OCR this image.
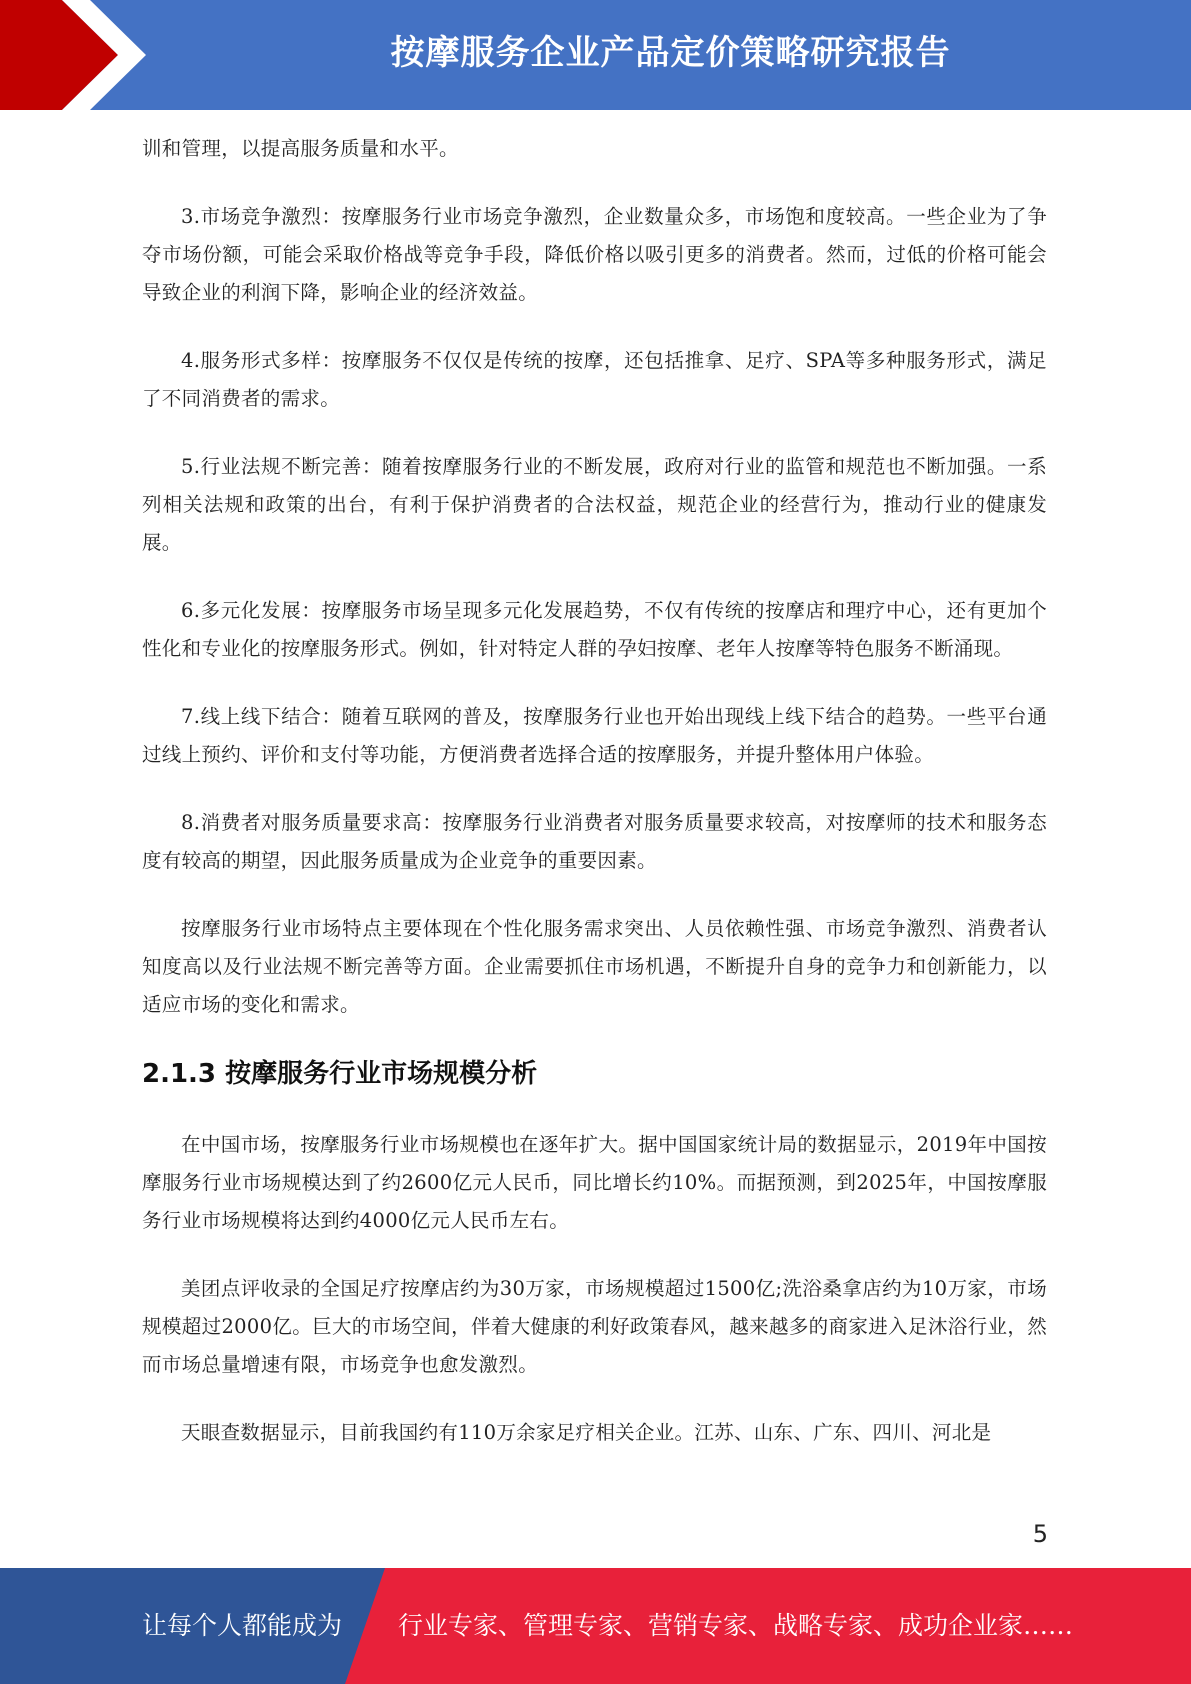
按摩服务企业产品定价策略研究报告

训和管理，以提高服务质量和水平。

3.市场竞争激烈：按摩服务行业市场竞争激烈，企业数量众多，市场饱和度较高。一些企业为了争夺市场份额，可能会采取价格战等竞争手段，降低价格以吸引更多的消费者。然而，过低的价格可能会导致企业的利润下降，影响企业的经济效益。

4.服务形式多样：按摩服务不仅仅是传统的按摩，还包括推拿、足疗、SPA等多种服务形式，满足了不同消费者的需求。

5.行业法规不断完善：随着按摩服务行业的不断发展，政府对行业的监管和规范也不断加强。一系列相关法规和政策的出台，有利于保护消费者的合法权益，规范企业的经营行为，推动行业的健康发展。

6.多元化发展：按摩服务市场呈现多元化发展趋势，不仅有传统的按摩店和理疗中心，还有更加个性化和专业化的按摩服务形式。例如，针对特定人群的孕妇按摩、老年人按摩等特色服务不断涌现。

7.线上线下结合：随着互联网的普及，按摩服务行业也开始出现线上线下结合的趋势。一些平台通过线上预约、评价和支付等功能，方便消费者选择合适的按摩服务，并提升整体用户体验。

8.消费者对服务质量要求高：按摩服务行业消费者对服务质量要求较高，对按摩师的技术和服务态度有较高的期望，因此服务质量成为企业竞争的重要因素。

按摩服务行业市场特点主要体现在个性化服务需求突出、人员依赖性强、市场竞争激烈、消费者认知度高以及行业法规不断完善等方面。企业需要抓住市场机遇，不断提升自身的竞争力和创新能力，以适应市场的变化和需求。

2.1.3 按摩服务行业市场规模分析

在中国市场，按摩服务行业市场规模也在逐年扩大。据中国国家统计局的数据显示，2019年中国按摩服务行业市场规模达到了约2600亿元人民币，同比增长约10%。而据预测，到2025年，中国按摩服务行业市场规模将达到约4000亿元人民币左右。

美团点评收录的全国足疗按摩店约为30万家，市场规模超过1500亿;洗浴桑拿店约为10万家，市场规模超过2000亿。巨大的市场空间，伴着大健康的利好政策春风，越来越多的商家进入足沐浴行业，然而市场总量增速有限，市场竞争也愈发激烈。

天眼查数据显示，目前我国约有110万余家足疗相关企业。江苏、山东、广东、四川、河北是

5
让每个人都能成为 行业专家、管理专家、营销专家、战略专家、成功企业家……
